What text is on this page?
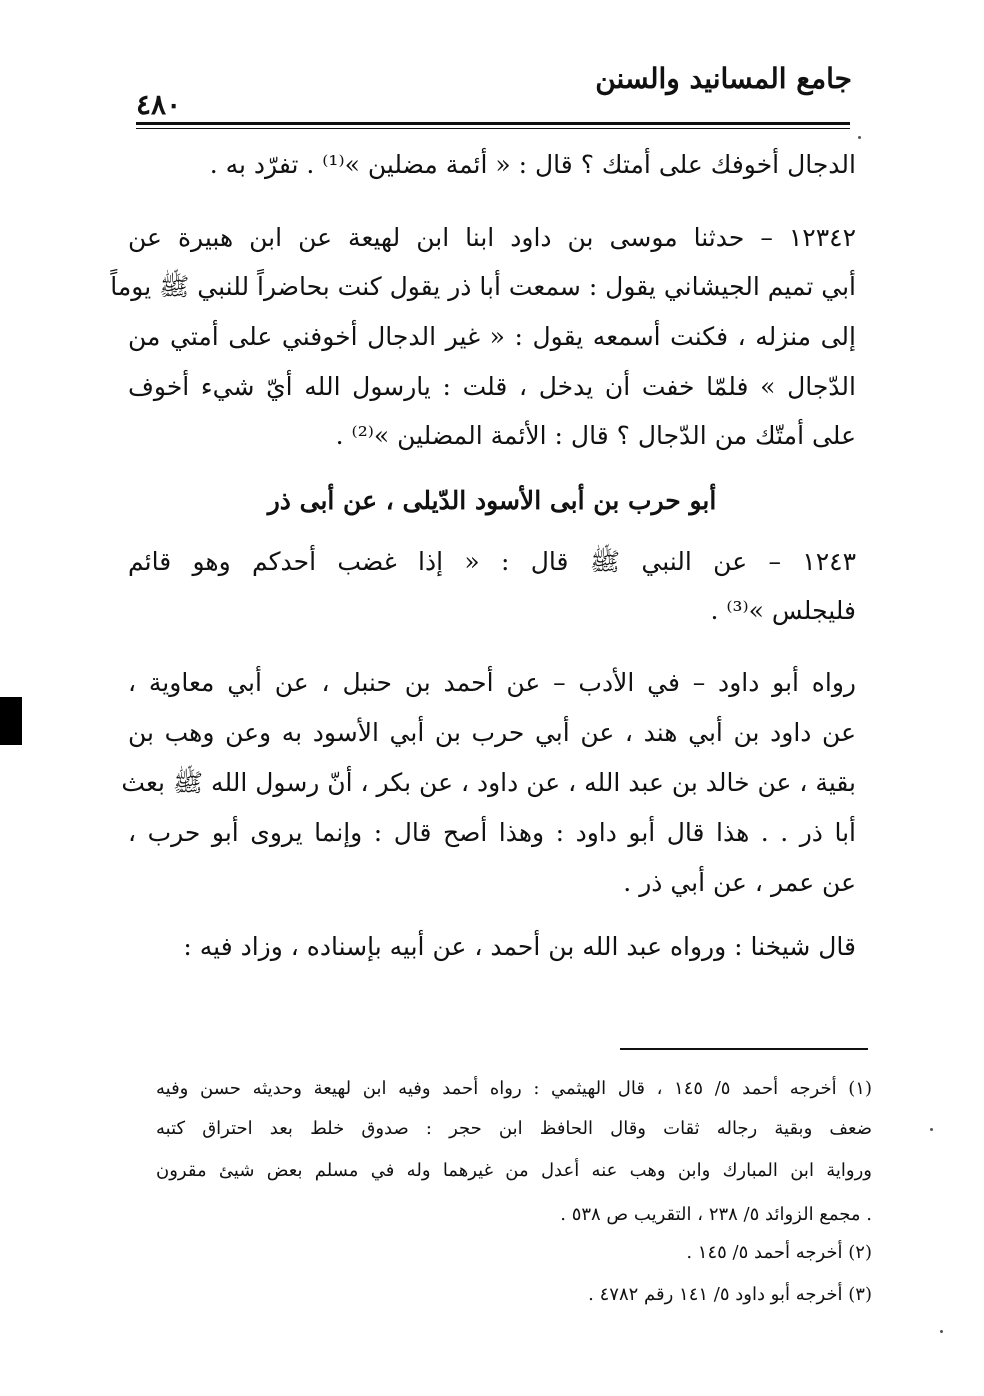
جامع المسانيد والسنن
٤٨٠
الدجال أخوفك على أمتك ؟ قال : « أئمة مضلين »⁽¹⁾ . تفرّد به .
١٢٣٤٢ – حدثنا موسى بن داود ابنا ابن لهيعة عن ابن هبيرة عن
أبي تميم الجيشاني يقول : سمعت أبا ذر يقول كنت بحاضراً للنبي ﷺ يوماً
إلى منزله ، فكنت أسمعه يقول : « غير الدجال أخوفني على أمتي من
الدّجال » فلمّا خفت أن يدخل ، قلت : يارسول الله أيّ شيء أخوف
على أمتّك من الدّجال ؟ قال : الأئمة المضلين »⁽²⁾ .
أبو حرب بن أبى الأسود الدّيلى ، عن أبى ذر
١٢٤٣ – عن النبي ﷺ قال : « إذا غضب أحدكم وهو قائم
فليجلس »⁽³⁾ .
رواه أبو داود – في الأدب – عن أحمد بن حنبل ، عن أبي معاوية ،
عن داود بن أبي هند ، عن أبي حرب بن أبي الأسود به وعن وهب بن
بقية ، عن خالد بن عبد الله ، عن داود ، عن بكر ، أنّ رسول الله ﷺ بعث
أبا ذر . . هذا قال أبو داود : وهذا أصح قال : وإنما يروى أبو حرب ،
عن عمر ، عن أبي ذر .
قال شيخنا : ورواه عبد الله بن أحمد ، عن أبيه بإسناده ، وزاد فيه :
(١) أخرجه أحمد ٥/ ١٤٥ ، قال الهيثمي : رواه أحمد وفيه ابن لهيعة وحديثه حسن وفيه
ضعف وبقية رجاله ثقات وقال الحافظ ابن حجر : صدوق خلط بعد احتراق كتبه
ورواية ابن المبارك وابن وهب عنه أعدل من غيرهما وله في مسلم بعض شيئ مقرون
. مجمع الزوائد ٥/ ٢٣٨ ، التقريب ص ٥٣٨ .
(٢) أخرجه أحمد ٥/ ١٤٥ .
(٣) أخرجه أبو داود ٥/ ١٤١ رقم ٤٧٨٢ .
